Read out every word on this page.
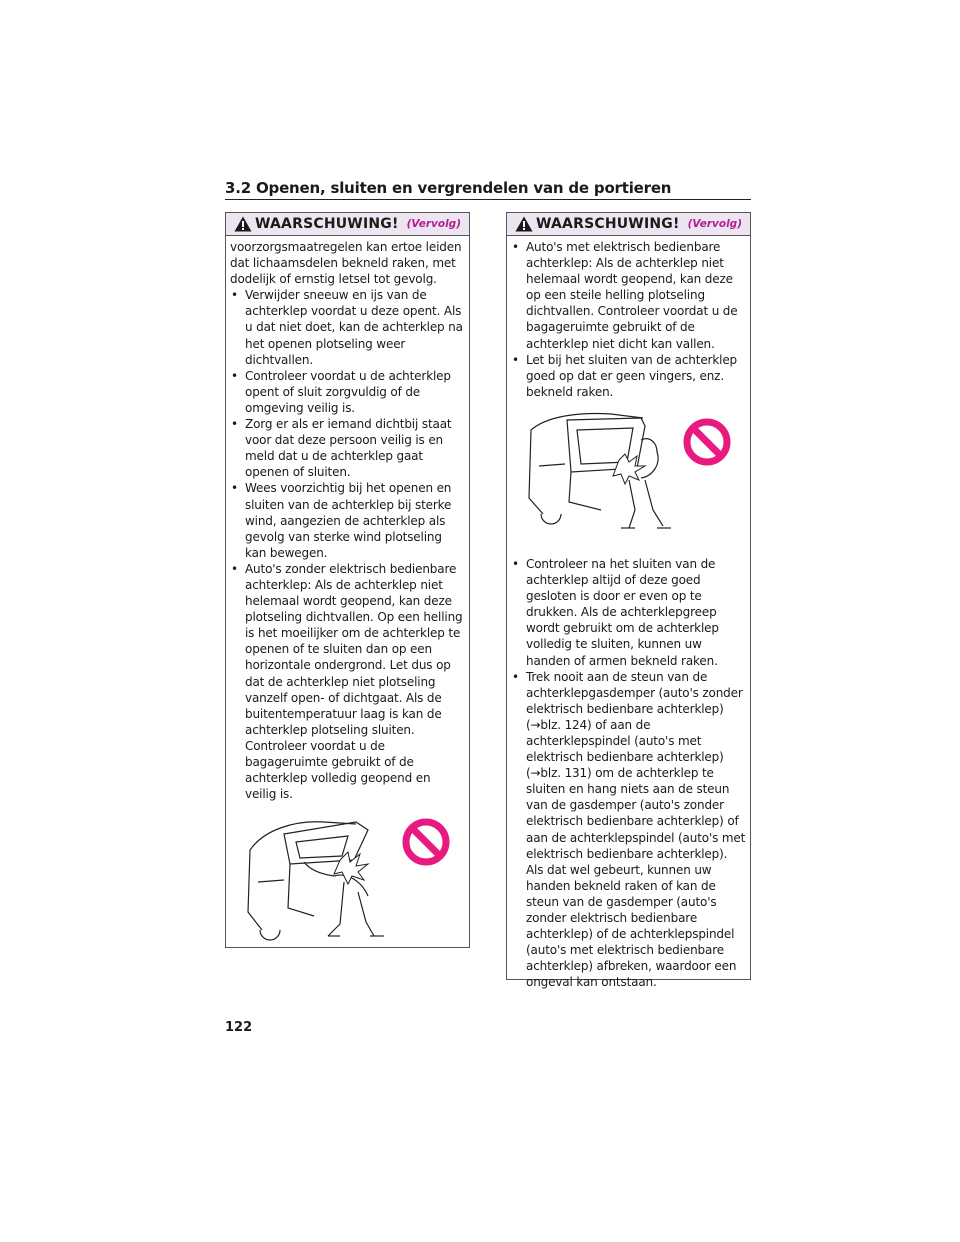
3.2 Openen, sluiten en vergrendelen van de portieren
WAARSCHUWING! (Vervolg)

voorzorgsmaatregelen kan ertoe leiden dat lichaamsdelen bekneld raken, met dodelijk of ernstig letsel tot gevolg.

• Verwijder sneeuw en ijs van de achterklep voordat u deze opent. Als u dat niet doet, kan de achterklep na het openen plotseling weer dichtvallen.

• Controleer voordat u de achterklep opent of sluit zorgvuldig of de omgeving veilig is.

• Zorg er als er iemand dichtbij staat voor dat deze persoon veilig is en meld dat u de achterklep gaat openen of sluiten.

• Wees voorzichtig bij het openen en sluiten van de achterklep bij sterke wind, aangezien de achterklep als gevolg van sterke wind plotseling kan bewegen.

• Auto's zonder elektrisch bedienbare achterklep: Als de achterklep niet helemaal wordt geopend, kan deze plotseling dichtvallen. Op een helling is het moeilijker om de achterklep te openen of te sluiten dan op een horizontale ondergrond. Let dus op dat de achterklep niet plotseling vanzelf open- of dichtgaat. Als de buitentemperatuur laag is kan de achterklep plotseling sluiten. Controleer voordat u de bagageruimte gebruikt of de achterklep volledig geopend en veilig is.

WAARSCHUWING! (Vervolg)

• Auto's met elektrisch bedienbare achterklep: Als de achterklep niet helemaal wordt geopend, kan deze op een steile helling plotseling dichtvallen. Controleer voordat u de bagageruimte gebruikt of de achterklep niet dicht kan vallen.

• Let bij het sluiten van de achterklep goed op dat er geen vingers, enz. bekneld raken.

• Controleer na het sluiten van de achterklep altijd of deze goed gesloten is door er even op te drukken. Als de achterklepgreep wordt gebruikt om de achterklep volledig te sluiten, kunnen uw handen of armen bekneld raken.

• Trek nooit aan de steun van de achterklepgasdemper (auto's zonder elektrisch bedienbare achterklep) (→blz. 124) of aan de achterklepspindel (auto's met elektrisch bedienbare achterklep) (→blz. 131) om de achterklep te sluiten en hang niets aan de steun van de gasdemper (auto's zonder elektrisch bedienbare achterklep) of aan de achterklepspindel (auto's met elektrisch bedienbare achterklep). Als dat wel gebeurt, kunnen uw handen bekneld raken of kan de steun van de gasdemper (auto's zonder elektrisch bedienbare achterklep) of de achterklepspindel (auto's met elektrisch bedienbare achterklep) afbreken, waardoor een ongeval kan ontstaan.

122
